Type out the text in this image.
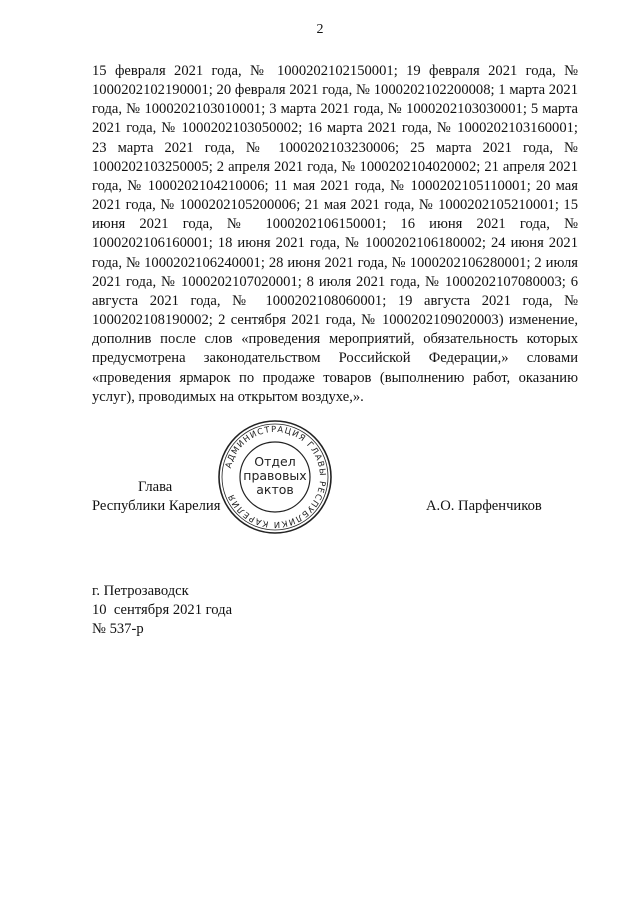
2

15 февраля 2021 года, № 1000202102150001; 19 февраля 2021 года, № 1000202102190001; 20 февраля 2021 года, № 1000202102200008; 1 марта 2021 года, № 1000202103010001; 3 марта 2021 года, № 1000202103030001; 5 марта 2021 года, № 1000202103050002; 16 марта 2021 года, № 1000202103160001; 23 марта 2021 года, № 1000202103230006; 25 марта 2021 года, № 1000202103250005; 2 апреля 2021 года, № 1000202104020002; 21 апреля 2021 года, № 1000202104210006; 11 мая 2021 года, № 1000202105110001; 20 мая 2021 года, № 1000202105200006; 21 мая 2021 года, № 1000202105210001; 15 июня 2021 года, № 1000202106150001; 16 июня 2021 года, № 1000202106160001; 18 июня 2021 года, № 1000202106180002; 24 июня 2021 года, № 1000202106240001; 28 июня 2021 года, № 1000202106280001; 2 июля 2021 года, № 1000202107020001; 8 июля 2021 года, № 1000202107080003; 6 августа 2021 года, № 1000202108060001; 19 августа 2021 года, № 1000202108190002; 2 сентября 2021 года, № 1000202109020003) изменение, дополнив после слов «проведения мероприятий, обязательность которых предусмотрена законодательством Российской Федерации,» словами «проведения ярмарок по продаже товаров (выполнению работ, оказанию услуг), проводимых на открытом воздухе,».

Глава
Республики Карелия	А.О. Парфенчиков
АДМИНИСТРАЦИЯ ГЛАВЫ РЕСПУБЛИКИ КАРЕЛИЯ
Отдел
правовых
актов
г. Петрозаводск
10  сентября 2021 года
№ 537-р
